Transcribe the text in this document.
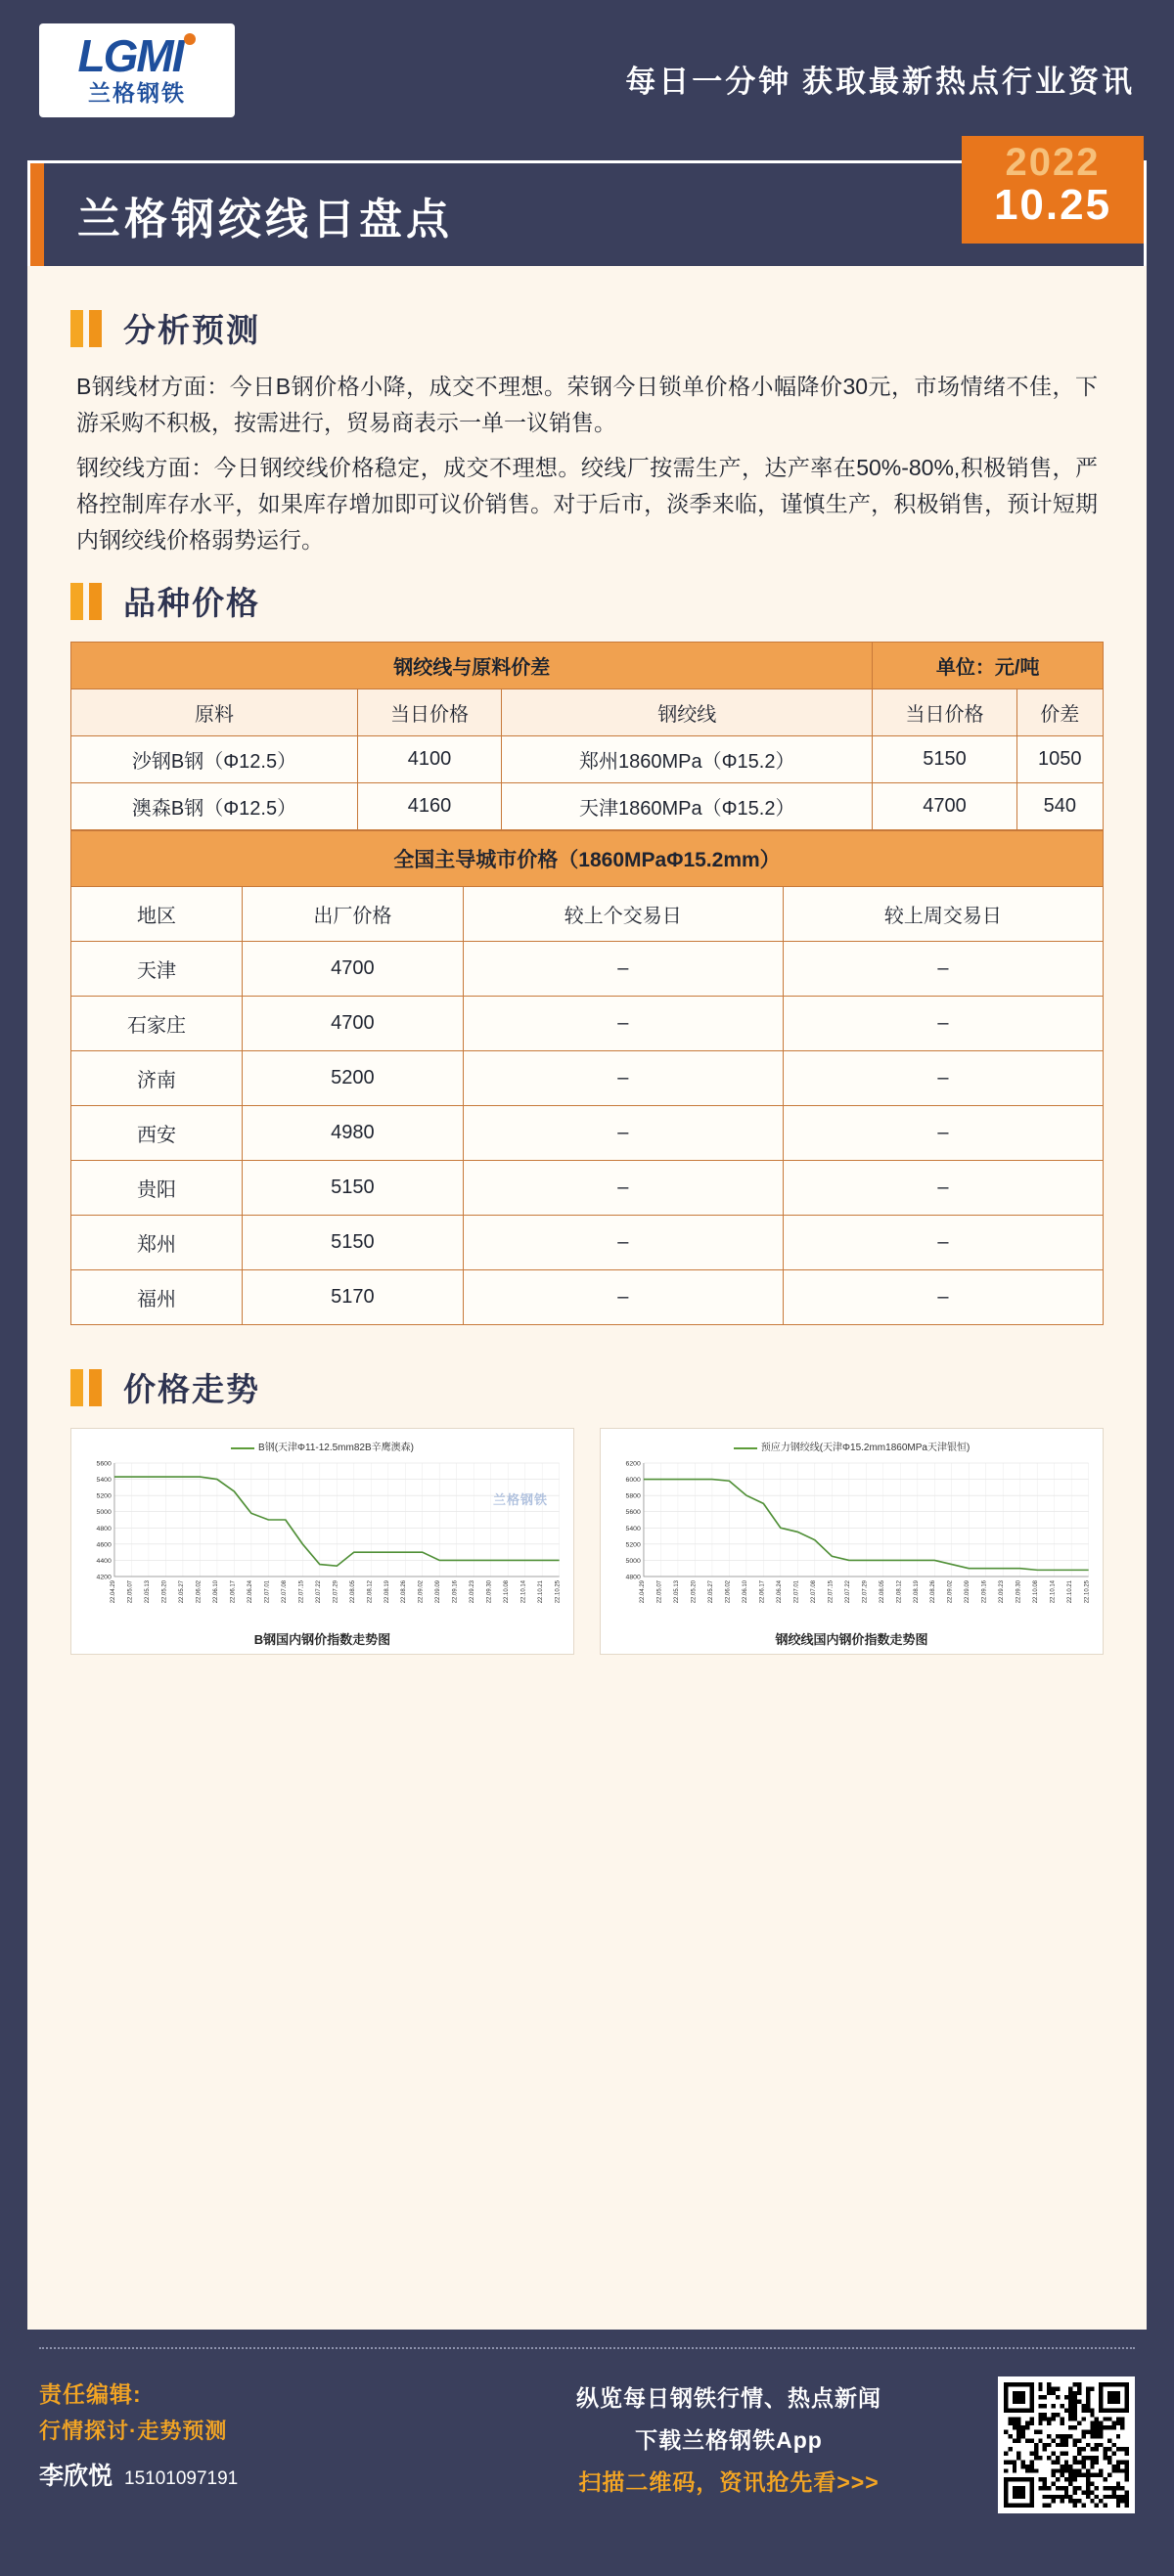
LGMI
兰格钢铁	每日一分钟 获取最新热点行业资讯
兰格钢绞线日盘点
2022
10.25
分析预测

B钢线材方面：今日B钢价格小降，成交不理想。荣钢今日锁单价格小幅降价30元，市场情绪不佳，下游采购不积极，按需进行，贸易商表示一单一议销售。

钢绞线方面：今日钢绞线价格稳定，成交不理想。绞线厂按需生产，达产率在50%-80%,积极销售，严格控制库存水平，如果库存增加即可议价销售。对于后市，淡季来临，谨慎生产，积极销售，预计短期内钢绞线价格弱势运行。

品种价格
钢绞线与原料价差			单位：元/吨	
原料	当日价格	钢绞线	当日价格	价差
沙钢B钢（Φ12.5）	4100	郑州1860MPa（Φ15.2）	5150	1050
澳森B钢（Φ12.5）	4160	天津1860MPa（Φ15.2）	4700	540
全国主导城市价格（1860MPaΦ15.2mm）			
地区	出厂价格	较上个交易日	较上周交易日
天津	4700	–	–
石家庄	4700	–	–
济南	5200	–	–
西安	4980	–	–
贵阳	5150	–	–
郑州	5150	–	–
福州	5170	–	–
价格走势
B钢(天津Φ11-12.5mm82B辛鹰澳森)
4200
4400
4600
4800
5000
5200
5400
5600
22.04.29 22.05.07 22.05.13 22.05.20 22.05.27 22.06.02 22.06.10 22.06.17 22.06.24 22.07.01 22.07.08 22.07.15 22.07.22 22.07.29 22.08.05 22.08.12 22.08.19 22.08.26 22.09.02 22.09.09 22.09.16 22.09.23 22.09.30 22.10.08 22.10.14 22.10.21 22.10.25
兰格钢铁
B钢国内钢价指数走势图
预应力钢绞线(天津Φ15.2mm1860MPa天津银恒)
4800
5000
5200
5400
5600
5800
6000
6200
22.04.29 22.05.07 22.05.13 22.05.20 22.05.27 22.06.02 22.06.10 22.06.17 22.06.24 22.07.01 22.07.08 22.07.15 22.07.22 22.07.29 22.08.05 22.08.12 22.08.19 22.08.26 22.09.02 22.09.09 22.09.16 22.09.23 22.09.30 22.10.08 22.10.14 22.10.21 22.10.25
钢绞线国内钢价指数走势图
责任编辑:
行情探讨·走势预测
李欣悦 15101097191
纵览每日钢铁行情、热点新闻
下载兰格钢铁App
扫描二维码，资讯抢先看>>>
